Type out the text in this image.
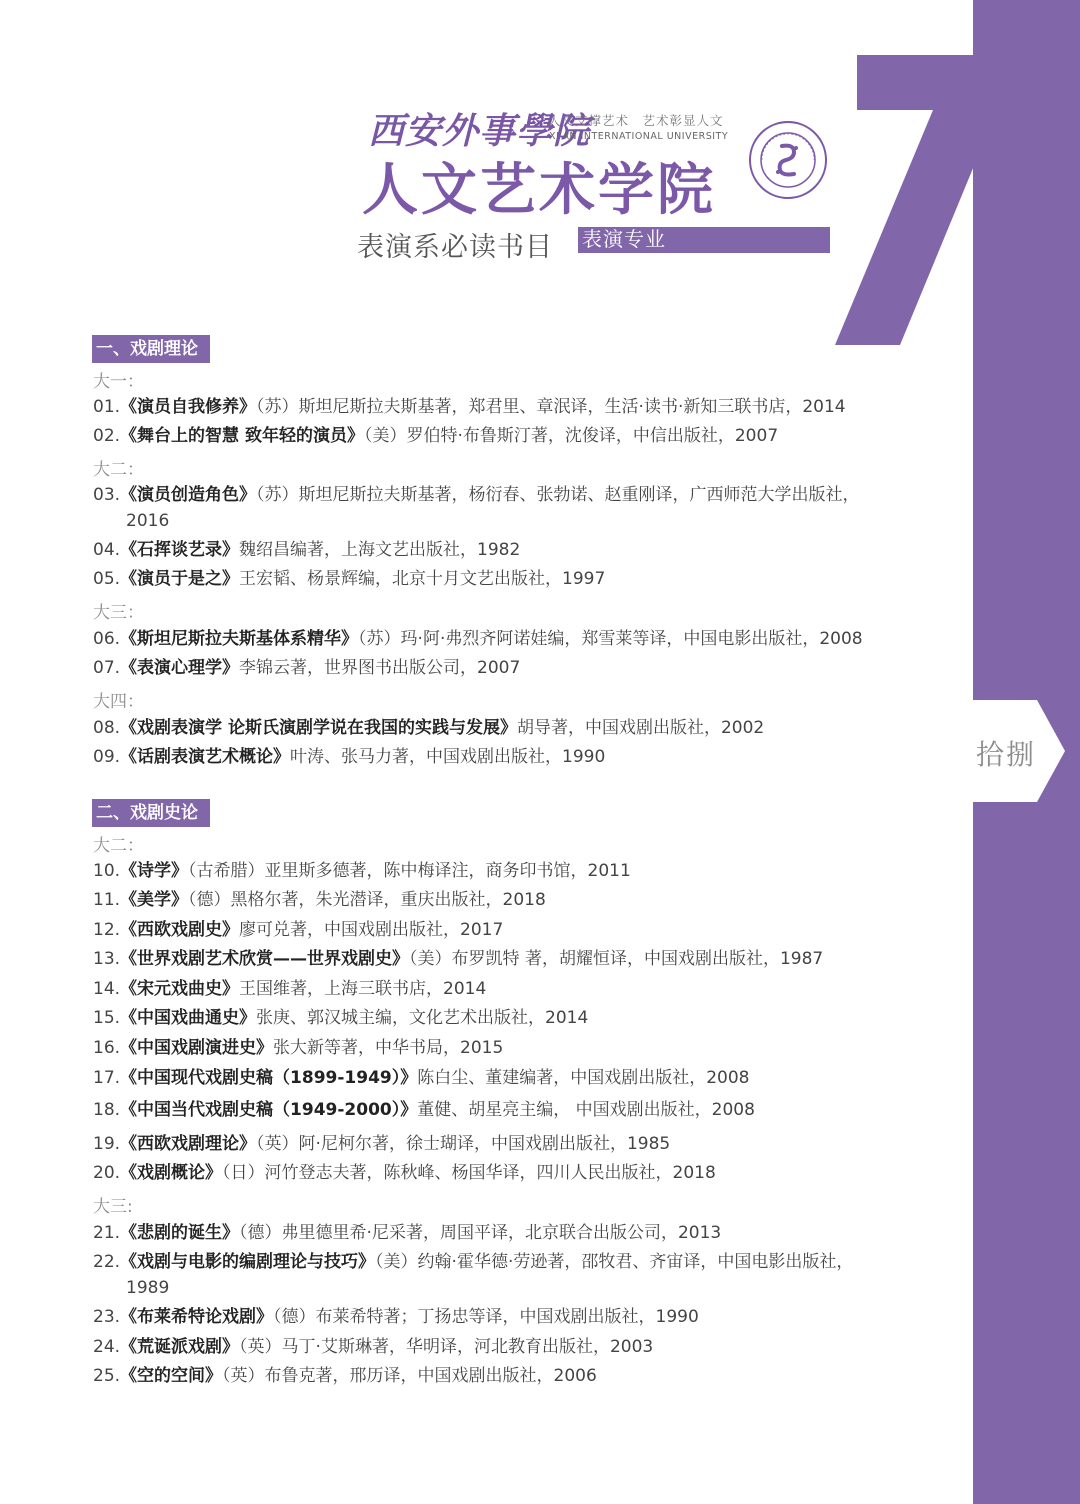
拾捌
西安外事學院
人文支撑艺术　艺术彰显人文
XI'AN INTERNATIONAL UNIVERSITY
人文艺术学院
表演系必读书目 表演专业
一、戏剧理论
大一：
01.《演员自我修养》（苏）斯坦尼斯拉夫斯基著，郑君里、章泯译，生活·读书·新知三联书店，2014
02.《舞台上的智慧 致年轻的演员》（美）罗伯特·布鲁斯汀著，沈俊译，中信出版社，2007
大二：
03.《演员创造角色》（苏）斯坦尼斯拉夫斯基著，杨衍春、张勃诺、赵重刚译，广西师范大学出版社，
2016
04.《石挥谈艺录》魏绍昌编著，上海文艺出版社，1982
05.《演员于是之》王宏韬、杨景辉编，北京十月文艺出版社，1997
大三：
06.《斯坦尼斯拉夫斯基体系精华》（苏）玛·阿·弗烈齐阿诺娃编，郑雪莱等译，中国电影出版社，2008
07.《表演心理学》李锦云著，世界图书出版公司，2007
大四：
08.《戏剧表演学 论斯氏演剧学说在我国的实践与发展》胡导著，中国戏剧出版社，2002
09.《话剧表演艺术概论》叶涛、张马力著，中国戏剧出版社，1990
二、戏剧史论
大二：
10.《诗学》（古希腊）亚里斯多德著，陈中梅译注，商务印书馆，2011
11.《美学》（德）黑格尔著，朱光潜译，重庆出版社，2018
12.《西欧戏剧史》廖可兑著，中国戏剧出版社，2017
13.《世界戏剧艺术欣赏——世界戏剧史》（美）布罗凯特 著，胡耀恒译，中国戏剧出版社，1987
14.《宋元戏曲史》王国维著，上海三联书店，2014
15.《中国戏曲通史》张庚、郭汉城主编，文化艺术出版社，2014
16.《中国戏剧演进史》张大新等著，中华书局，2015
17.《中国现代戏剧史稿（1899-1949）》陈白尘、董建编著，中国戏剧出版社，2008
18.《中国当代戏剧史稿（1949-2000）》董健、胡星亮主编， 中国戏剧出版社，2008
19.《西欧戏剧理论》（英）阿·尼柯尔著，徐士瑚译，中国戏剧出版社，1985
20.《戏剧概论》（日）河竹登志夫著，陈秋峰、杨国华译，四川人民出版社，2018
大三:
21.《悲剧的诞生》（德）弗里德里希·尼采著，周国平译，北京联合出版公司，2013
22.《戏剧与电影的编剧理论与技巧》（美）约翰·霍华德·劳逊著，邵牧君、齐宙译，中国电影出版社，
1989
23.《布莱希特论戏剧》（德）布莱希特著；丁扬忠等译，中国戏剧出版社，1990
24.《荒诞派戏剧》（英）马丁·艾斯琳著，华明译，河北教育出版社，2003
25.《空的空间》（英）布鲁克著，邢历译，中国戏剧出版社，2006
